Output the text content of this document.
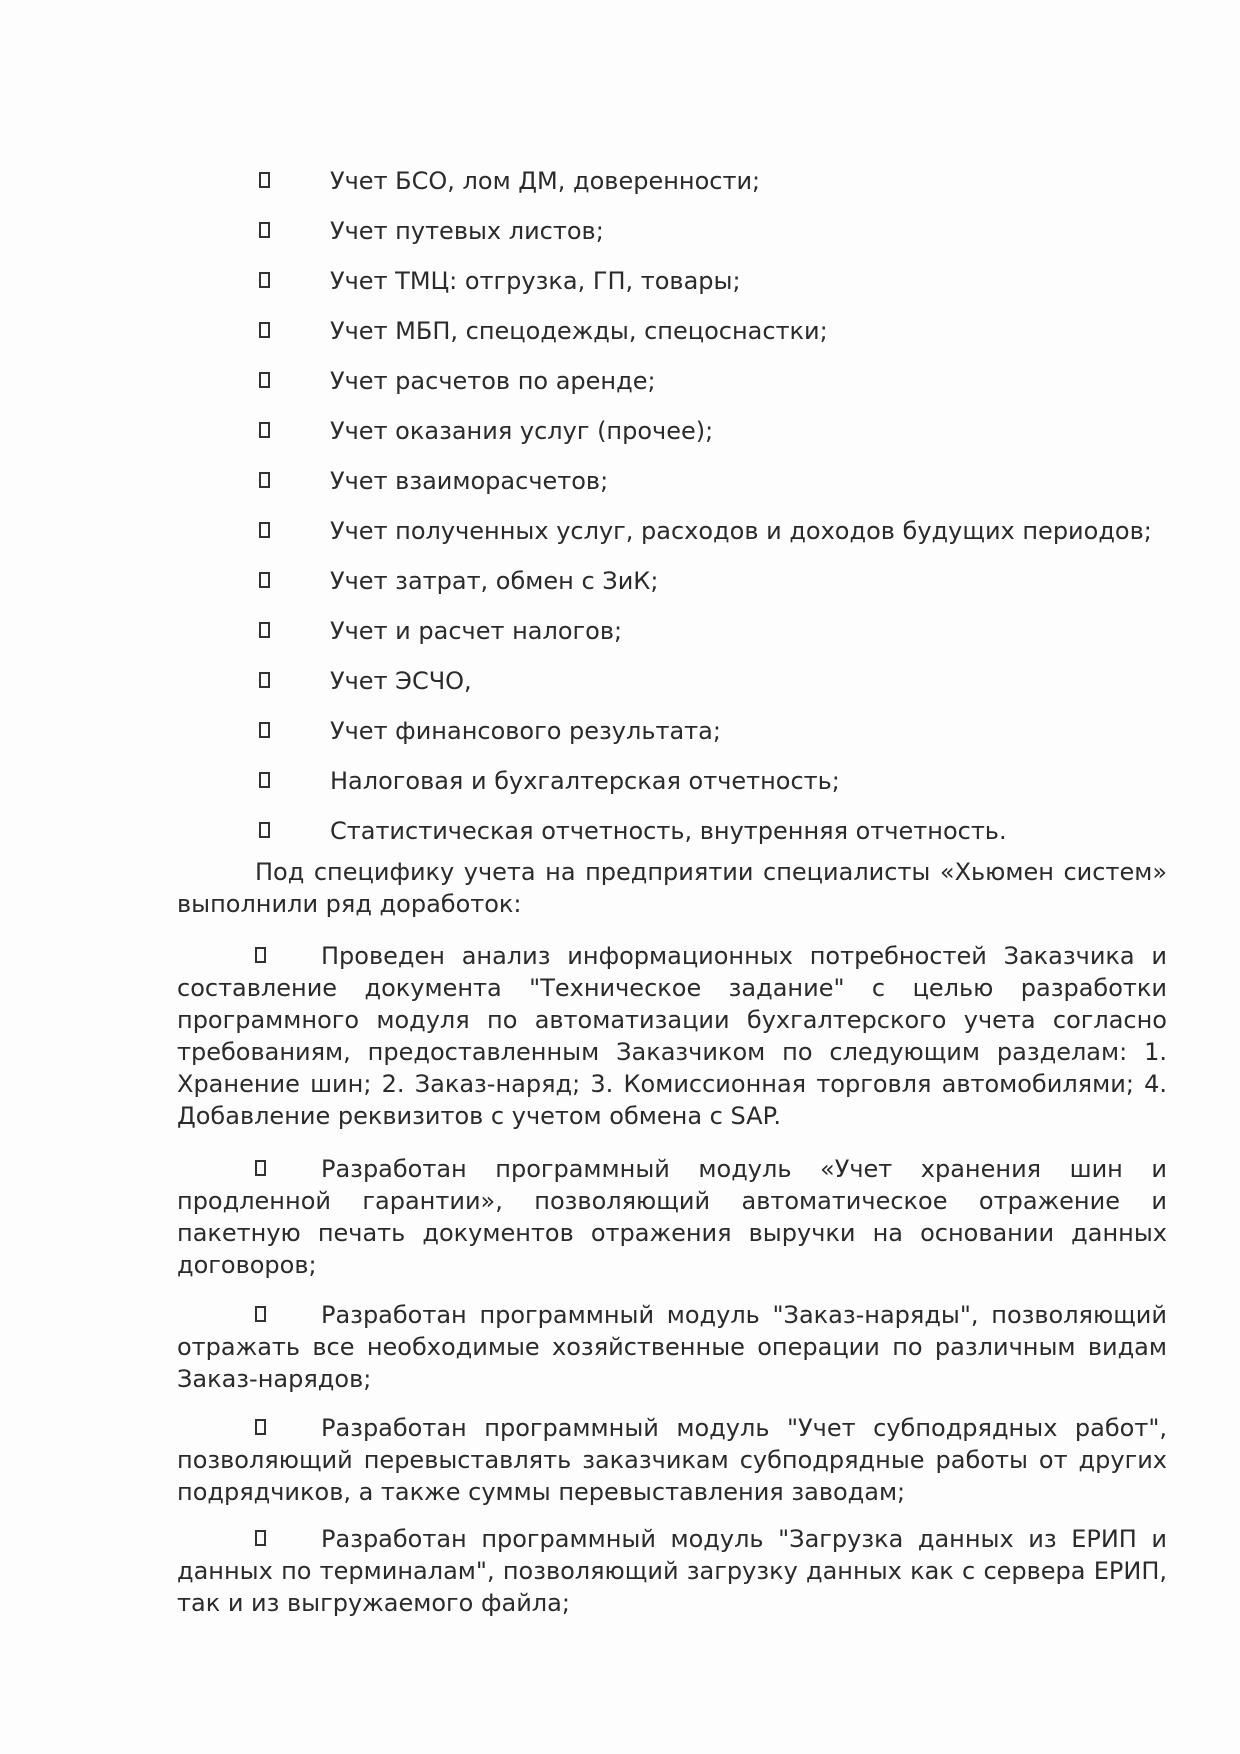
Учет БСО, лом ДМ, доверенности;
Учет путевых листов;
Учет ТМЦ: отгрузка, ГП, товары;
Учет МБП, спецодежды, спецоснастки;
Учет расчетов по аренде;
Учет оказания услуг (прочее);
Учет взаиморасчетов;
Учет полученных услуг, расходов и доходов будущих периодов;
Учет затрат, обмен с ЗиК;
Учет и расчет налогов;
Учет ЭСЧО,
Учет финансового результата;
Налоговая и бухгалтерская отчетность;
Статистическая отчетность, внутренняя отчетность.

Под специфику учета на предприятии специалисты «Хьюмен систем» выполнили ряд доработок:

Проведен анализ информационных потребностей Заказчика и составление документа "Техническое задание" с целью разработки программного модуля по автоматизации бухгалтерского учета согласно требованиям, предоставленным Заказчиком по следующим разделам: 1. Хранение шин; 2. Заказ-наряд; 3. Комиссионная торговля автомобилями; 4. Добавление реквизитов с учетом обмена с SAP.

Разработан программный модуль «Учет хранения шин и продленной гарантии», позволяющий автоматическое отражение и пакетную печать документов отражения выручки на основании данных договоров;

Разработан программный модуль "Заказ-наряды", позволяющий отражать все необходимые хозяйственные операции по различным видам Заказ-нарядов;

Разработан программный модуль "Учет субподрядных работ", позволяющий перевыставлять заказчикам субподрядные работы от других подрядчиков, а также суммы перевыставления заводам;

Разработан программный модуль "Загрузка данных из ЕРИП и данных по терминалам", позволяющий загрузку данных как с сервера ЕРИП, так и из выгружаемого файла;
